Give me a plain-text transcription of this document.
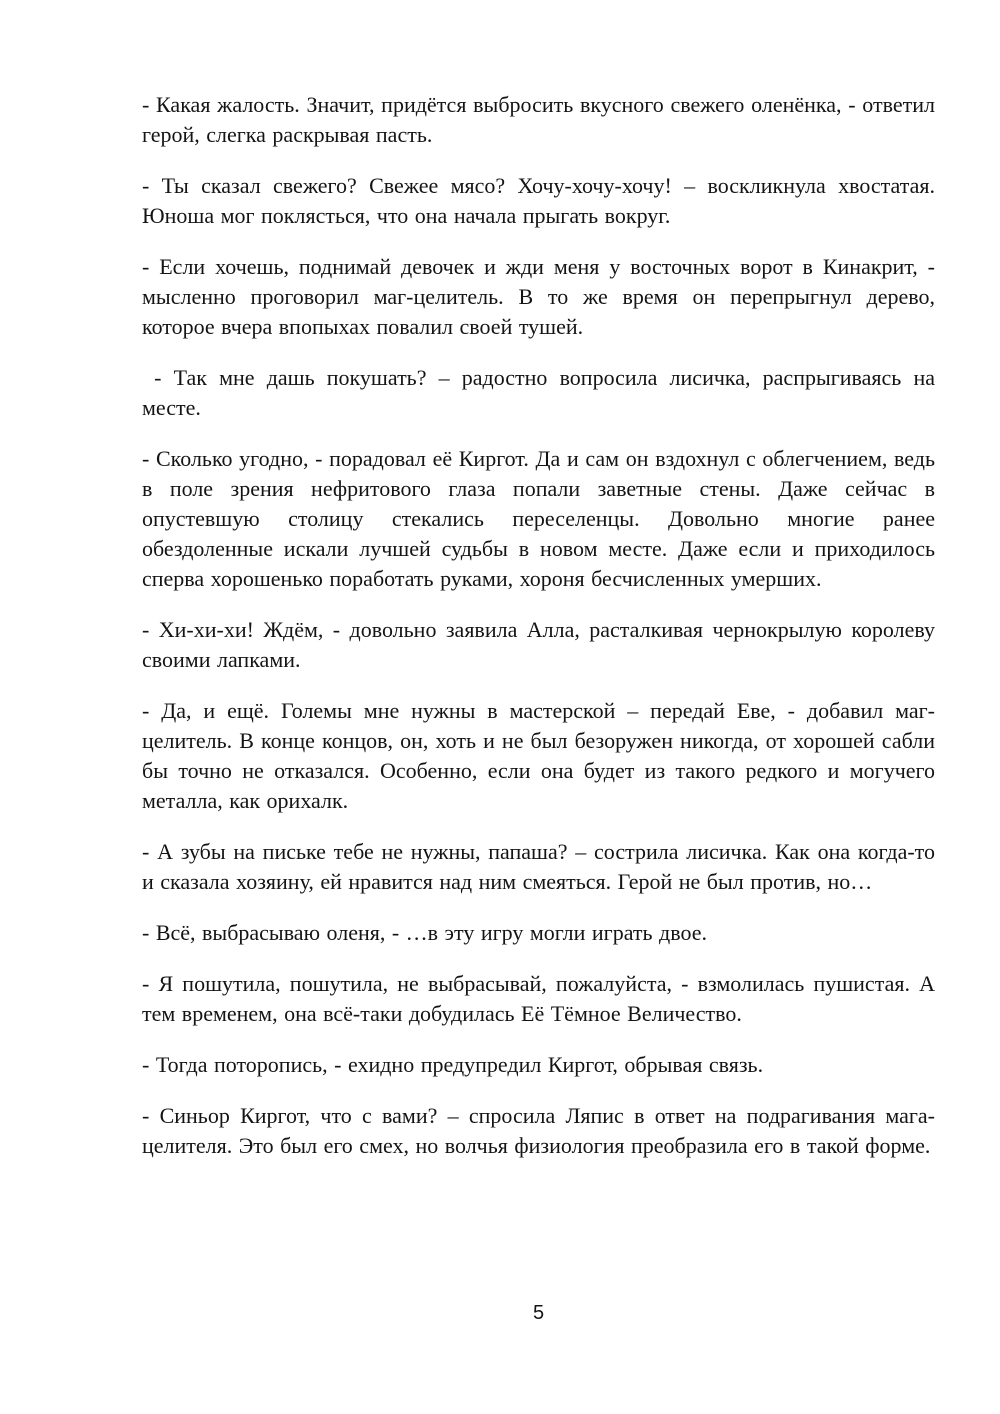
- Какая жалость. Значит, придётся выбросить вкусного свежего оленёнка, - ответил герой, слегка раскрывая пасть.

- Ты сказал свежего? Свежее мясо? Хочу-хочу-хочу! – воскликнула хвостатая. Юноша мог поклясться, что она начала прыгать вокруг.

- Если хочешь, поднимай девочек и жди меня у восточных ворот в Кинакрит, - мысленно проговорил маг-целитель. В то же время он перепрыгнул дерево, которое вчера впопыхах повалил своей тушей.

- Так мне дашь покушать? – радостно вопросила лисичка, распрыгиваясь на месте.

- Сколько угодно, - порадовал её Киргот. Да и сам он вздохнул с облегчением, ведь в поле зрения нефритового глаза попали заветные стены. Даже сейчас в опустевшую столицу стекались переселенцы. Довольно многие ранее обездоленные искали лучшей судьбы в новом месте. Даже если и приходилось сперва хорошенько поработать руками, хороня бесчисленных умерших.

- Хи-хи-хи! Ждём, - довольно заявила Алла, расталкивая чернокрылую королеву своими лапками.

- Да, и ещё. Големы мне нужны в мастерской – передай Еве, - добавил маг-целитель. В конце концов, он, хоть и не был безоружен никогда, от хорошей сабли бы точно не отказался. Особенно, если она будет из такого редкого и могучего металла, как орихалк.

- А зубы на письке тебе не нужны, папаша? – сострила лисичка. Как она когда-то и сказала хозяину, ей нравится над ним смеяться. Герой не был против, но…

- Всё, выбрасываю оленя, - …в эту игру могли играть двое.

- Я пошутила, пошутила, не выбрасывай, пожалуйста, - взмолилась пушистая. А тем временем, она всё-таки добудилась Её Тёмное Величество.

- Тогда поторопись, - ехидно предупредил Киргот, обрывая связь.

- Синьор Киргот, что с вами? – спросила Ляпис в ответ на подрагивания мага-целителя. Это был его смех, но волчья физиология преобразила его в такой форме.

5
